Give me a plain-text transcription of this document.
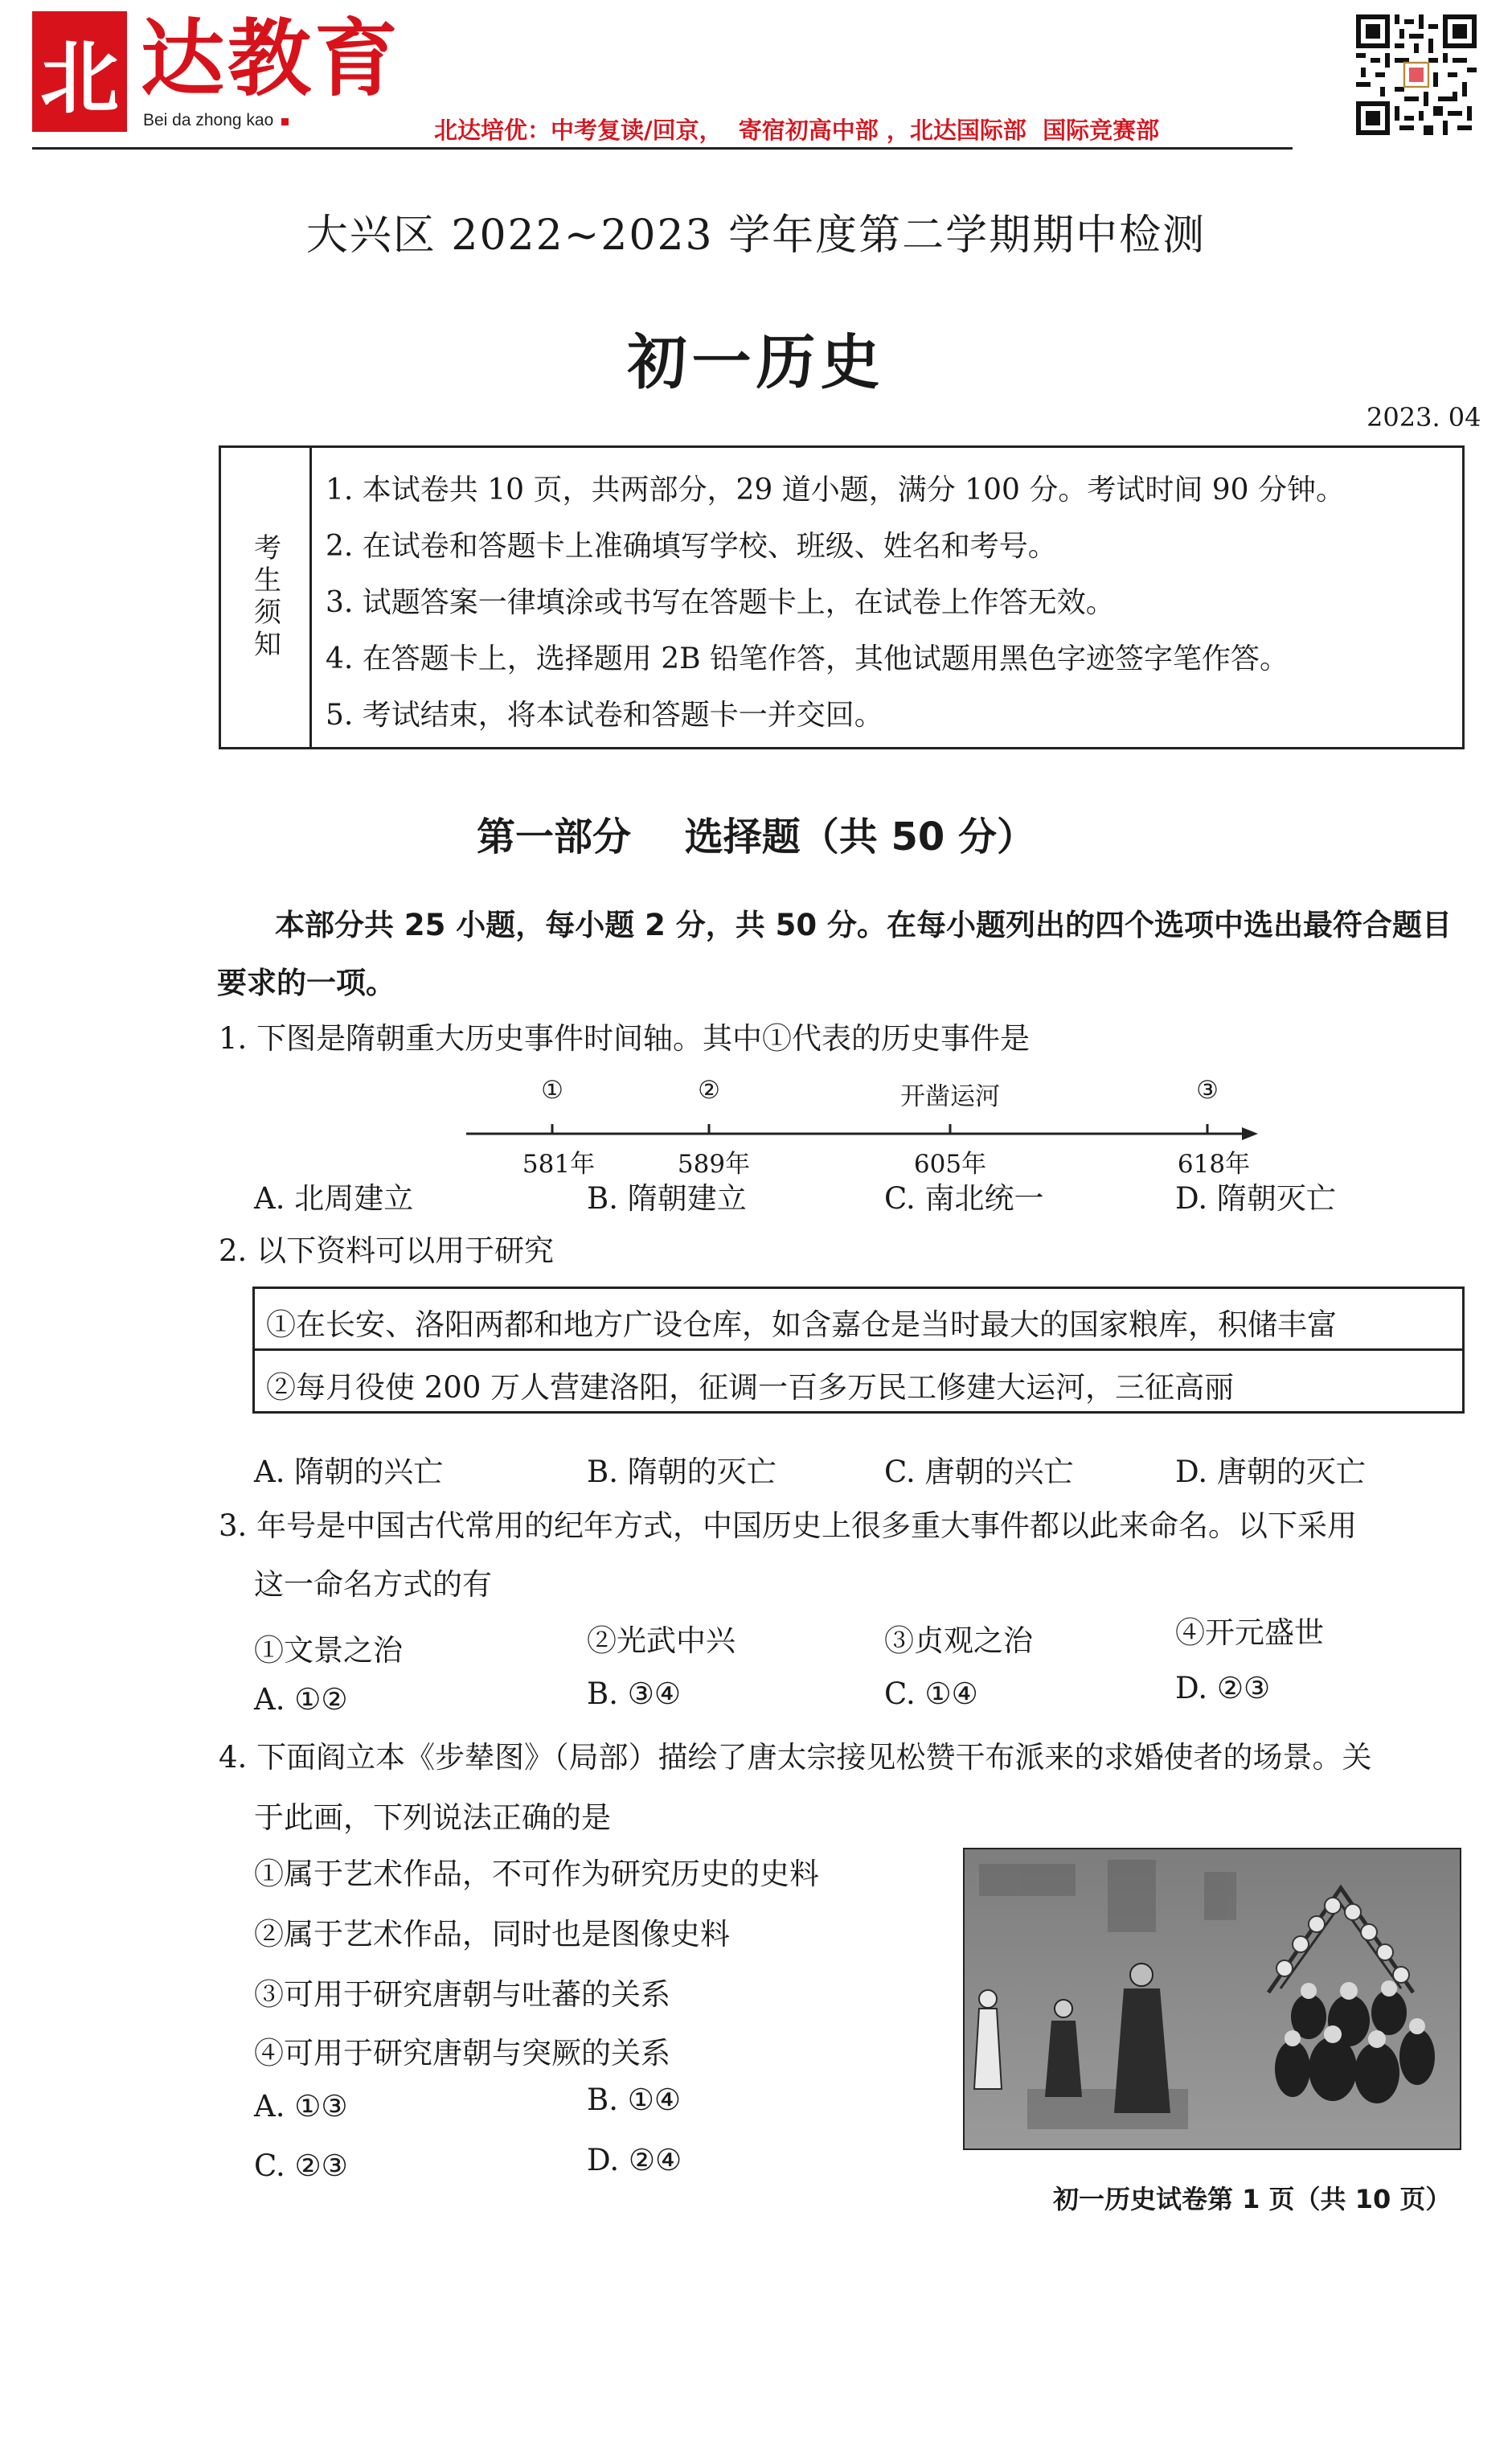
北 达教育
Bei da zhong kao	北达培优：中考复读/回京，  寄宿初高中部 ，北达国际部  国际竞赛部
大兴区 2022~2023 学年度第二学期期中检测
初一历史
2023. 04
考生须知
1. 本试卷共 10 页，共两部分，29 道小题，满分 100 分。考试时间 90 分钟。
2. 在试卷和答题卡上准确填写学校、班级、姓名和考号。
3. 试题答案一律填涂或书写在答题卡上，在试卷上作答无效。
4. 在答题卡上，选择题用 2B 铅笔作答，其他试题用黑色字迹签字笔作答。
5. 考试结束，将本试卷和答题卡一并交回。
第一部分    选择题（共 50 分）
本部分共 25 小题，每小题 2 分，共 50 分。在每小题列出的四个选项中选出最符合题目要求的一项。
1. 下图是隋朝重大历史事件时间轴。其中①代表的历史事件是
①	②	开凿运河	③
581年	589年	605年	618年
A. 北周建立	B. 隋朝建立	C. 南北统一	D. 隋朝灭亡
2. 以下资料可以用于研究
①在长安、洛阳两都和地方广设仓库，如含嘉仓是当时最大的国家粮库，积储丰富
②每月役使 200 万人营建洛阳，征调一百多万民工修建大运河，三征高丽
A. 隋朝的兴亡	B. 隋朝的灭亡	C. 唐朝的兴亡	D. 唐朝的灭亡
3. 年号是中国古代常用的纪年方式，中国历史上很多重大事件都以此来命名。以下采用
这一命名方式的有
①文景之治	②光武中兴	③贞观之治	④开元盛世
A. ①②	B. ③④	C. ①④	D. ②③
4. 下面阎立本《步辇图》（局部）描绘了唐太宗接见松赞干布派来的求婚使者的场景。关
于此画，下列说法正确的是
①属于艺术作品，不可作为研究历史的史料
②属于艺术作品，同时也是图像史料
③可用于研究唐朝与吐蕃的关系
④可用于研究唐朝与突厥的关系
A. ①③	B. ①④
C. ②③	D. ②④
初一历史试卷第 1 页（共 10 页）
